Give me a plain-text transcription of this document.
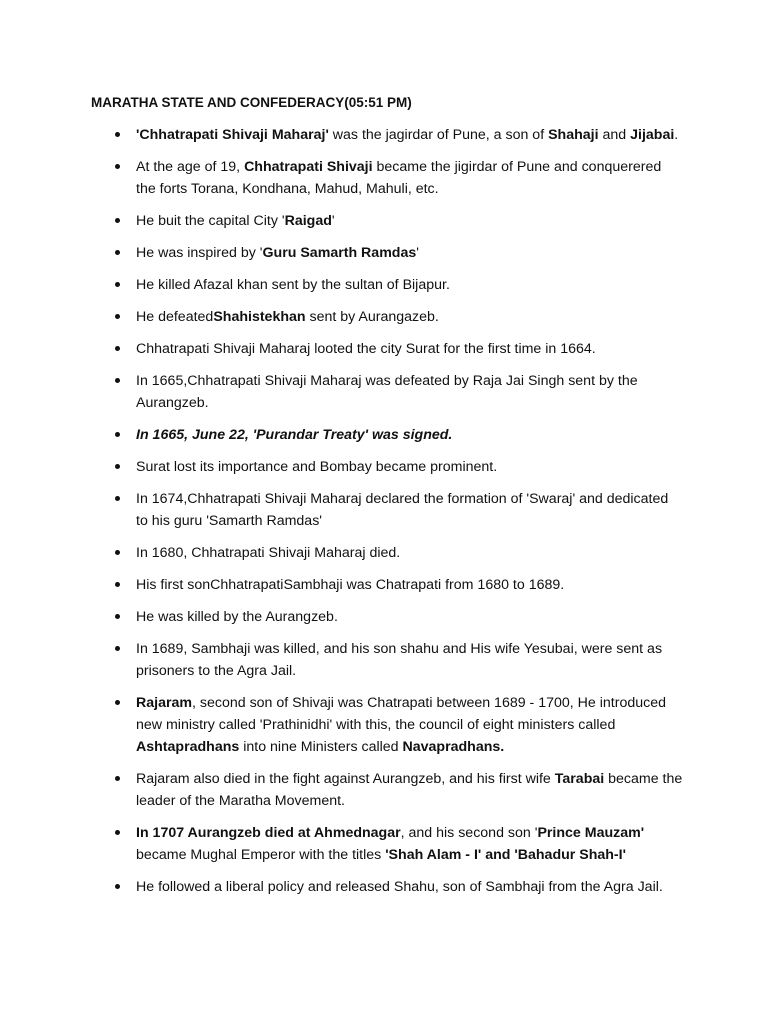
MARATHA STATE AND CONFEDERACY(05:51 PM)
'Chhatrapati Shivaji Maharaj' was the jagirdar of Pune, a son of Shahaji and Jijabai.
At the age of 19, Chhatrapati Shivaji became the jigirdar of Pune and conquerered the forts Torana, Kondhana, Mahud, Mahuli, etc.
He buit the capital City 'Raigad'
He was inspired by 'Guru Samarth Ramdas'
He killed Afazal khan sent by the sultan of Bijapur.
He defeatedShahistekhan sent by Aurangazeb.
Chhatrapati Shivaji Maharaj looted the city Surat for the first time in 1664.
In 1665,Chhatrapati Shivaji Maharaj was defeated by Raja Jai Singh sent by the Aurangzeb.
In 1665, June 22, 'Purandar Treaty' was signed.
Surat lost its importance and Bombay became prominent.
In 1674,Chhatrapati Shivaji Maharaj declared the formation of 'Swaraj' and dedicated to his guru 'Samarth Ramdas'
In 1680, Chhatrapati Shivaji Maharaj died.
His first sonChhatrapatiSambhaji was Chatrapati from 1680 to 1689.
He was killed by the Aurangzeb.
In 1689, Sambhaji was killed, and his son shahu and His wife Yesubai, were sent as prisoners to the Agra Jail.
Rajaram, second son of Shivaji was Chatrapati between 1689 - 1700, He introduced new ministry called 'Prathinidhi' with this, the council of eight ministers called Ashtapradhans into nine Ministers called Navapradhans.
Rajaram also died in the fight against Aurangzeb, and his first wife Tarabai became the leader of the Maratha Movement.
In 1707 Aurangzeb died at Ahmednagar, and his second son 'Prince Mauzam' became Mughal Emperor with the titles 'Shah Alam - I' and 'Bahadur Shah-I'
He followed a liberal policy and released Shahu, son of Sambhaji from the Agra Jail.
